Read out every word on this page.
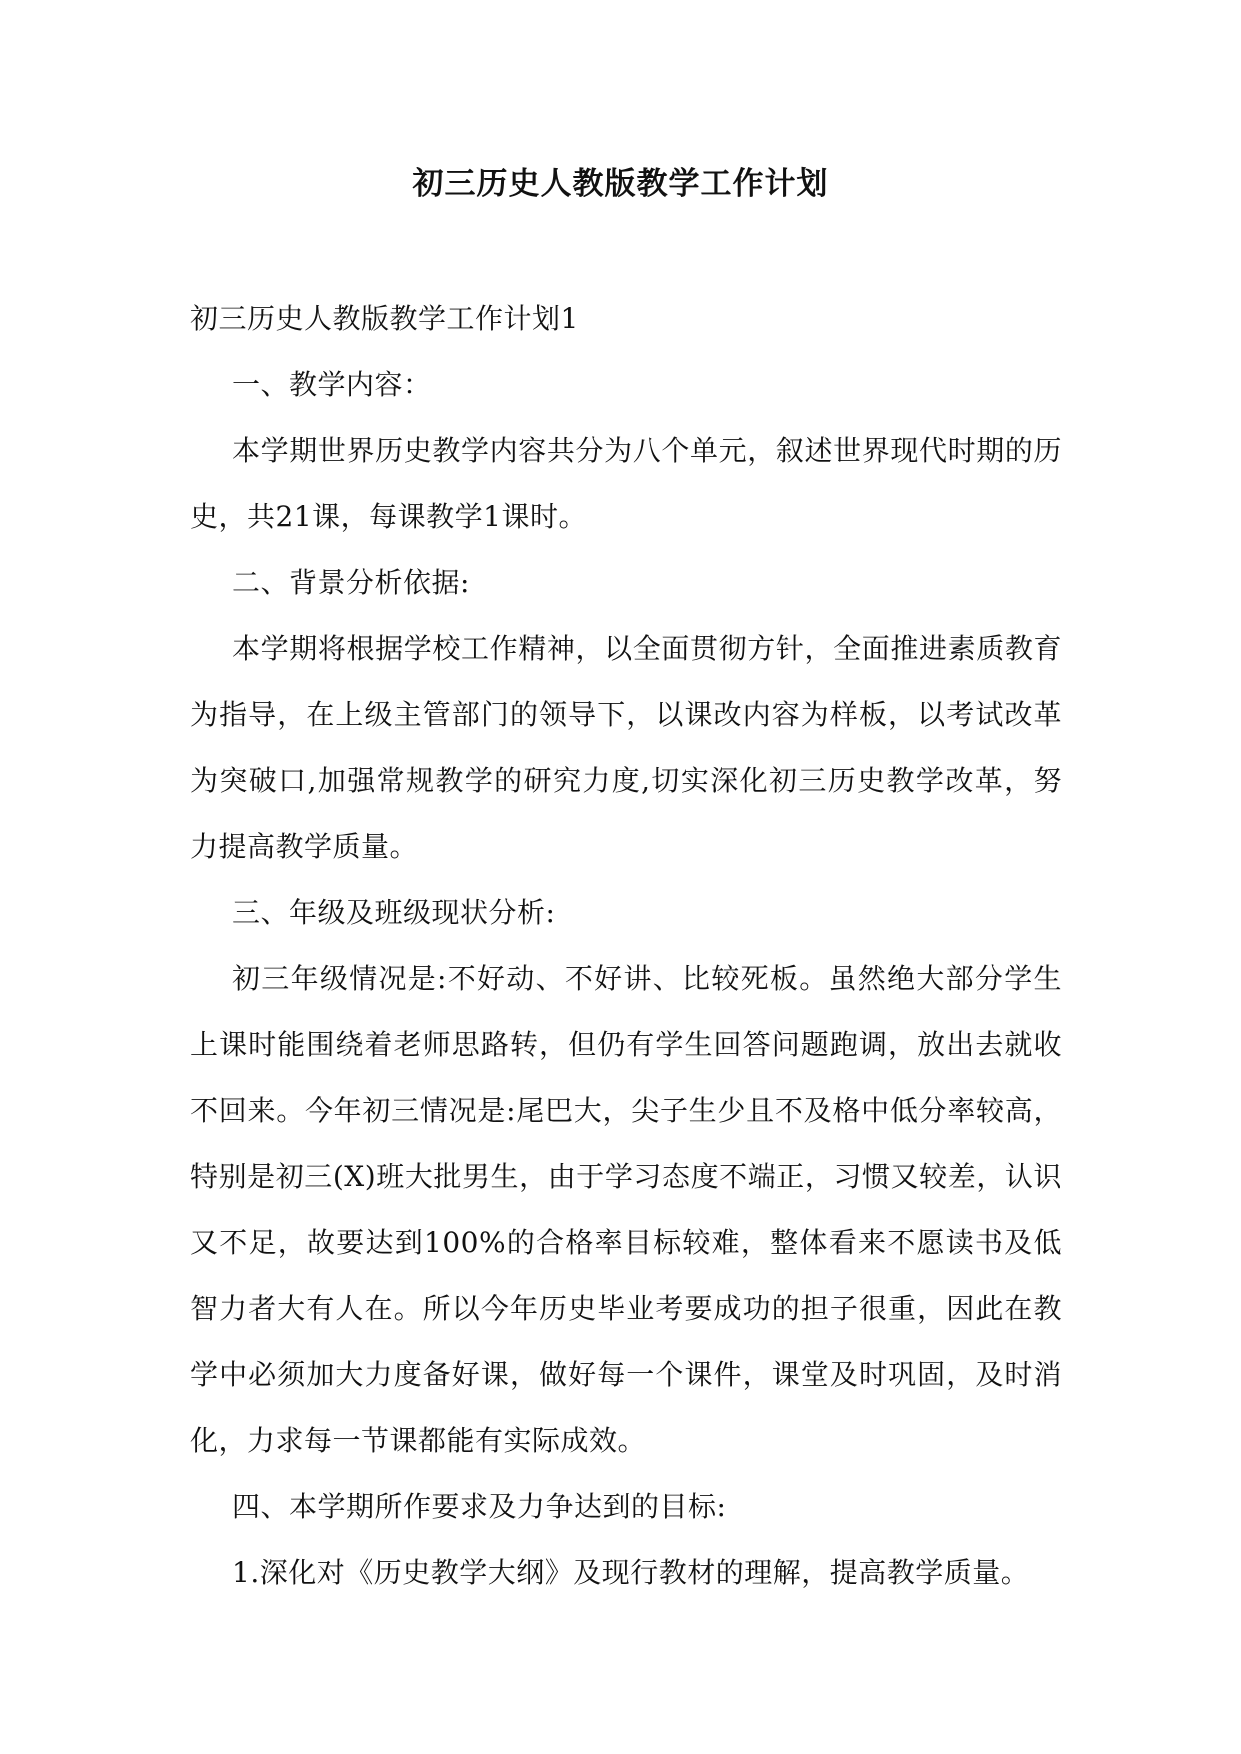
初三历史人教版教学工作计划

初三历史人教版教学工作计划1

一、教学内容：

本学期世界历史教学内容共分为八个单元，叙述世界现代时期的历史，共21课，每课教学1课时。

二、背景分析依据:

本学期将根据学校工作精神，以全面贯彻方针，全面推进素质教育为指导，在上级主管部门的领导下，以课改内容为样板，以考试改革为突破口,加强常规教学的研究力度,切实深化初三历史教学改革，努力提高教学质量。

三、年级及班级现状分析:

初三年级情况是:不好动、不好讲、比较死板。虽然绝大部分学生上课时能围绕着老师思路转，但仍有学生回答问题跑调，放出去就收不回来。今年初三情况是:尾巴大，尖子生少且不及格中低分率较高，特别是初三(X)班大批男生，由于学习态度不端正，习惯又较差，认识又不足，故要达到100%的合格率目标较难，整体看来不愿读书及低智力者大有人在。所以今年历史毕业考要成功的担子很重，因此在教学中必须加大力度备好课，做好每一个课件，课堂及时巩固，及时消化，力求每一节课都能有实际成效。

四、本学期所作要求及力争达到的目标:

1.深化对《历史教学大纲》及现行教材的理解，提高教学质量。
